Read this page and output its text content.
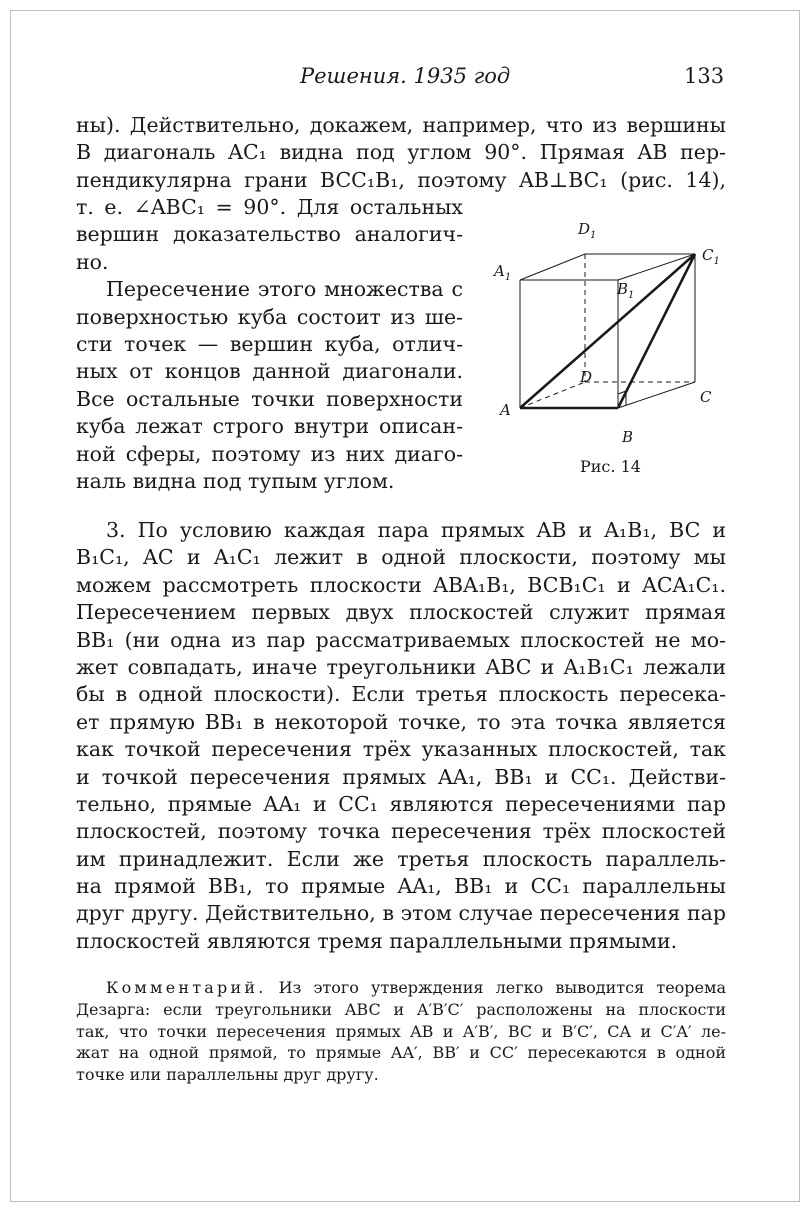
Решения. 1935 год	133
ны). Действительно, докажем, например, что из вершины
B диагональ AC₁ видна под углом 90°. Прямая AB пер-
пендикулярна грани BCC₁B₁, поэтому AB⊥BC₁ (рис. 14),
т. е. ∠ABC₁ = 90°. Для остальных
вершин доказательство аналогич-
но.
Пересечение этого множества с
поверхностью куба состоит из ше-
сти точек — вершин куба, отлич-
ных от концов данной диагонали.
Все остальные точки поверхности
куба лежат строго внутри описан-
ной сферы, поэтому из них диаго-
наль видна под тупым углом.
A
B
C
D
$A_1$
$B_1$
$C_1$
$D_1$
Рис. 14
3. По условию каждая пара прямых AB и A₁B₁, BC и
B₁C₁, AC и A₁C₁ лежит в одной плоскости, поэтому мы
можем рассмотреть плоскости ABA₁B₁, BCB₁C₁ и ACA₁C₁.
Пересечением первых двух плоскостей служит прямая
BB₁ (ни одна из пар рассматриваемых плоскостей не мо-
жет совпадать, иначе треугольники ABC и A₁B₁C₁ лежали
бы в одной плоскости). Если третья плоскость пересека-
ет прямую BB₁ в некоторой точке, то эта точка является
как точкой пересечения трёх указанных плоскостей, так
и точкой пересечения прямых AA₁, BB₁ и CC₁. Действи-
тельно, прямые AA₁ и CC₁ являются пересечениями пар
плоскостей, поэтому точка пересечения трёх плоскостей
им принадлежит. Если же третья плоскость параллель-
на прямой BB₁, то прямые AA₁, BB₁ и CC₁ параллельны
друг другу. Действительно, в этом случае пересечения пар
плоскостей являются тремя параллельными прямыми.
Комментарий. Из этого утверждения легко выводится теорема
Дезарга: если треугольники ABC и A′B′C′ расположены на плоскости
так, что точки пересечения прямых AB и A′B′, BC и B′C′, CA и C′A′ ле-
жат на одной прямой, то прямые AA′, BB′ и CC′ пересекаются в одной
точке или параллельны друг другу.
